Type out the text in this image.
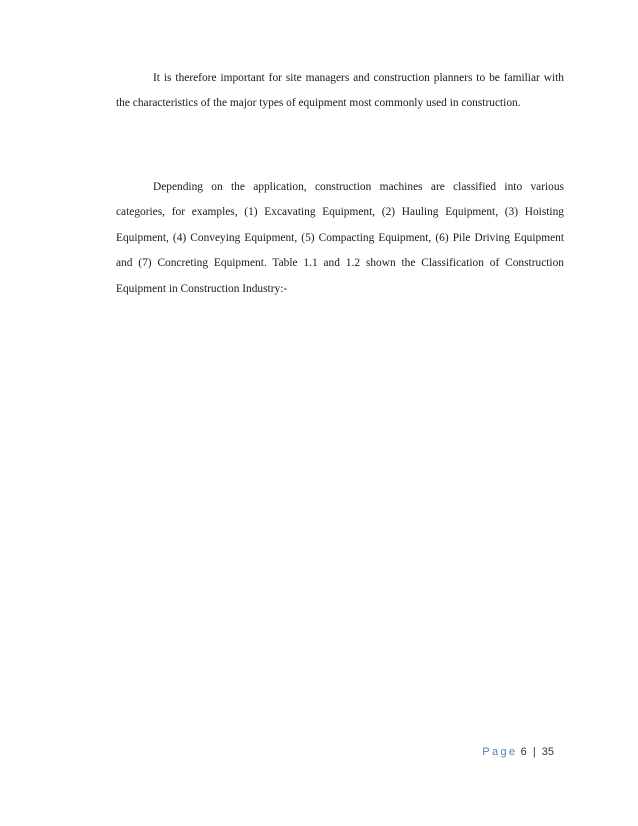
It is therefore important for site managers and construction planners to be familiar with the characteristics of the major types of equipment most commonly used in construction.

Depending on the application, construction machines are classified into various categories, for examples, (1) Excavating Equipment, (2) Hauling Equipment, (3) Hoisting Equipment, (4) Conveying Equipment, (5) Compacting Equipment, (6) Pile Driving Equipment and (7) Concreting Equipment. Table 1.1 and 1.2 shown the Classification of Construction Equipment in Construction Industry:-

Page 6 | 35
